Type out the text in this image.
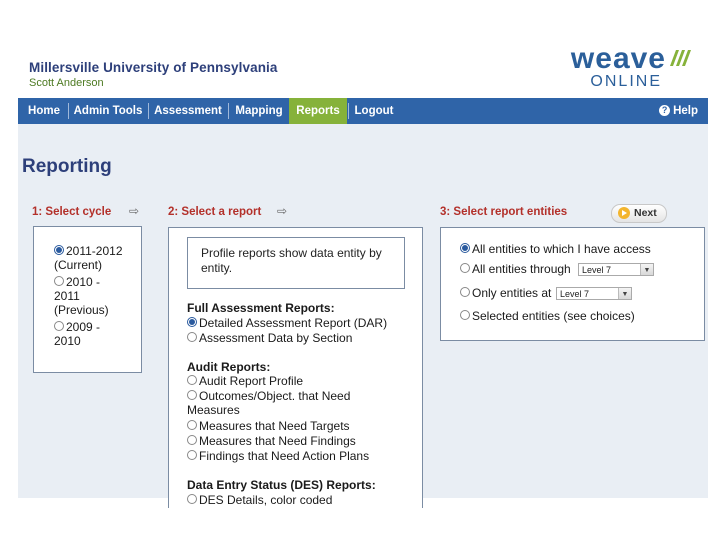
Millersville University of Pennsylvania
Scott Anderson
weave
ONLINE
Home	Admin Tools	Assessment	Mapping	Reports	Logout	? Help
Reporting
1: Select cycle ⇨	2: Select a report ⇨	3: Select report entities	Next
2011-2012
(Current)
2010 -
2011
(Previous)
2009 -
2010
Profile reports show data entity by entity.
Full Assessment Reports:
Detailed Assessment Report (DAR)
Assessment Data by Section
Audit Reports:
Audit Report Profile
Outcomes/Object. that Need
Measures
Measures that Need Targets
Measures that Need Findings
Findings that Need Action Plans
Data Entry Status (DES) Reports:
DES Details, color coded
All entities to which I have access
All entities through	Level 7	▼
Only entities at Level 7	▼
Selected entities (see choices)
